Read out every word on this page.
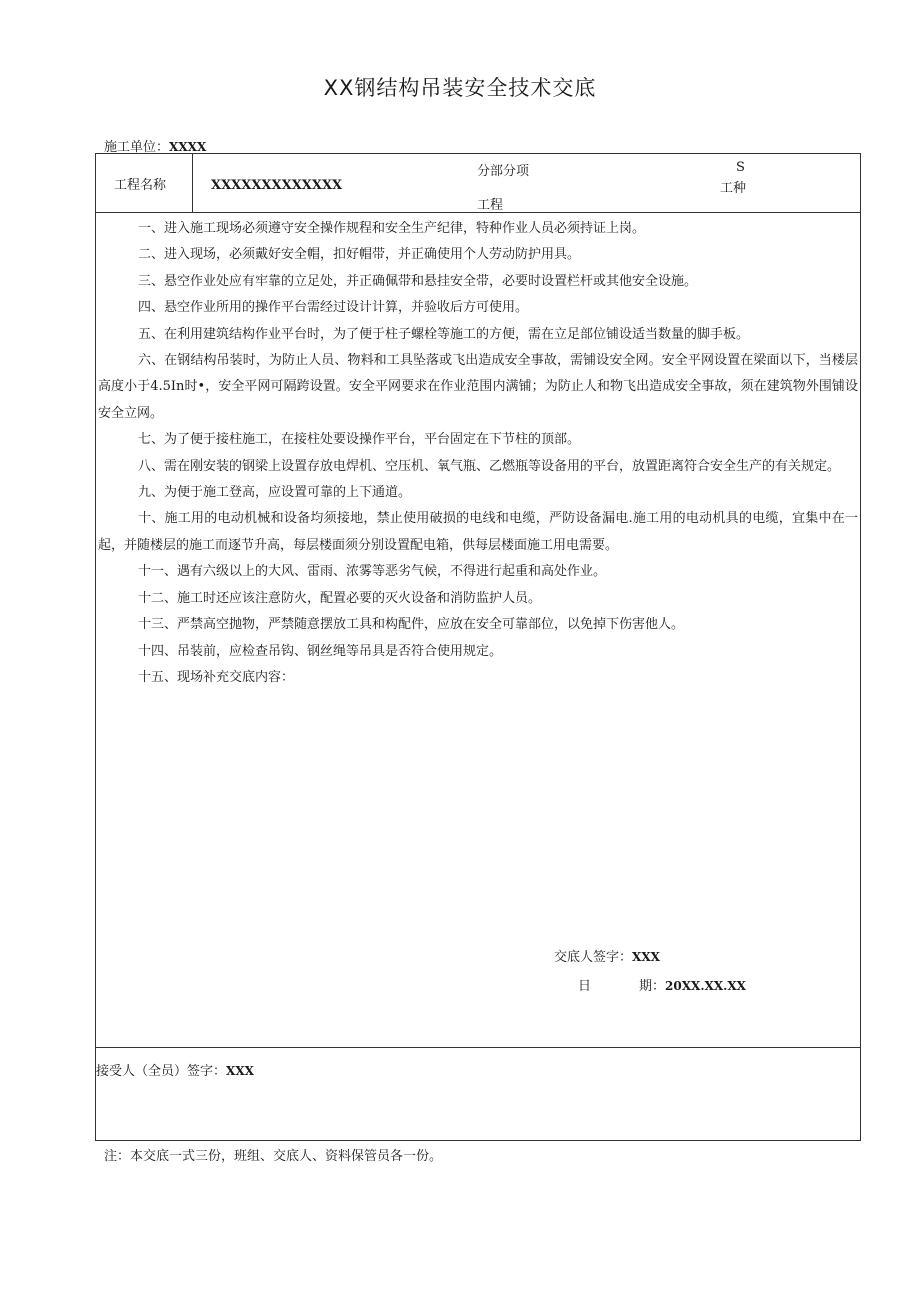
XX钢结构吊装安全技术交底
施工单位：XXXX
工程名称	XXXXXXXXXXXXX
分部分项
工程
S
工种
一、进入施工现场必须遵守安全操作规程和安全生产纪律，特种作业人员必须持证上岗。
二、进入现场，必须戴好安全帽，扣好帽带，并正确使用个人劳动防护用具。
三、悬空作业处应有牢靠的立足处，并正确佩带和悬挂安全带，必要时设置栏杆或其他安全设施。
四、悬空作业所用的操作平台需经过设计计算，并验收后方可使用。
五、在利用建筑结构作业平台时，为了便于柱子螺栓等施工的方便，需在立足部位铺设适当数量的脚手板。
六、在钢结构吊装时，为防止人员、物料和工具坠落或飞出造成安全事故，需铺设安全网。安全平网设置在梁面以下，当楼层高度小于4.5In时•，安全平网可隔跨设置。安全平网要求在作业范围内满铺；为防止人和物飞出造成安全事故，须在建筑物外围铺设安全立网。
七、为了便于接柱施工，在接柱处要设操作平台，平台固定在下节柱的顶部。
八、需在刚安装的钢梁上设置存放电焊机、空压机、氧气瓶、乙燃瓶等设备用的平台，放置距离符合安全生产的有关规定。
九、为便于施工登高，应设置可靠的上下通道。
十、施工用的电动机械和设备均须接地，禁止使用破损的电线和电缆，严防设备漏电.施工用的电动机具的电缆，宜集中在一起，并随楼层的施工而逐节升高，每层楼面须分别设置配电箱，供每层楼面施工用电需要。
十一、遇有六级以上的大风、雷雨、浓雾等恶劣气候，不得进行起重和高处作业。
十二、施工时还应该注意防火，配置必要的灭火设备和消防监护人员。
十三、严禁高空抛物，严禁随意摆放工具和构配件，应放在安全可靠部位，以免掉下伤害他人。
十四、吊装前，应检查吊钩、钢丝绳等吊具是否符合使用规定。
十五、现场补充交底内容：
交底人签字：XXX
日	期：20XX.XX.XX
接受人（全员）签字：XXX
注：本交底一式三份，班组、交底人、资料保管员各一份。
